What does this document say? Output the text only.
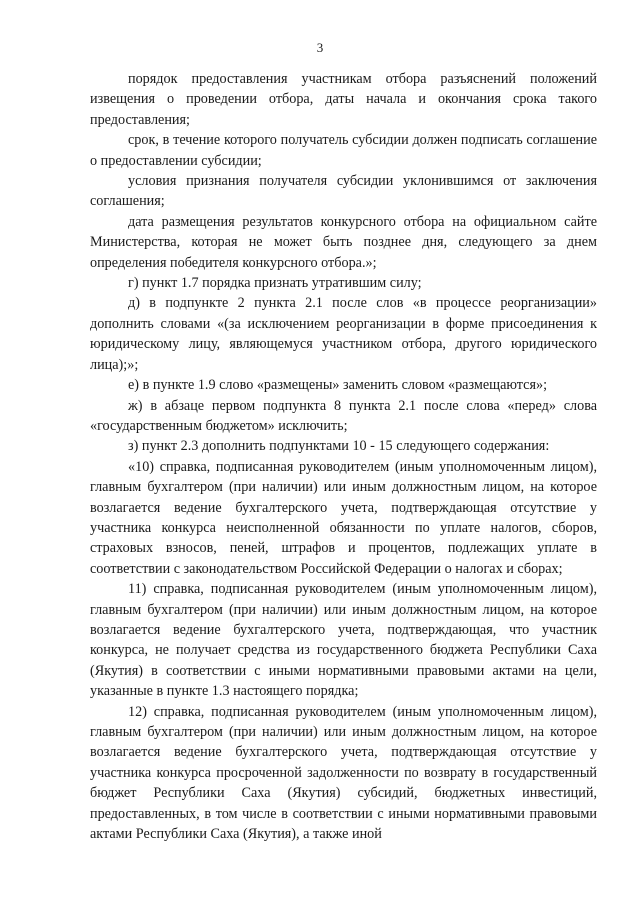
3

порядок предоставления участникам отбора разъяснений положений извещения о проведении отбора, даты начала и окончания срока такого предоставления;

срок, в течение которого получатель субсидии должен подписать соглашение о предоставлении субсидии;

условия признания получателя субсидии уклонившимся от заключения соглашения;

дата размещения результатов конкурсного отбора на официальном сайте Министерства, которая не может быть позднее дня, следующего за днем определения победителя конкурсного отбора.»;

г) пункт 1.7 порядка признать утратившим силу;

д) в подпункте 2 пункта 2.1 после слов «в процессе реорганизации» дополнить словами «(за исключением реорганизации в форме присоединения к юридическому лицу, являющемуся участником отбора, другого юридического лица);»;

е) в пункте 1.9 слово «размещены» заменить словом «размещаются»;

ж) в абзаце первом подпункта 8 пункта 2.1 после слова «перед» слова «государственным бюджетом» исключить;

з) пункт 2.3 дополнить подпунктами 10 - 15 следующего содержания:

«10) справка, подписанная руководителем (иным уполномоченным лицом), главным бухгалтером (при наличии) или иным должностным лицом, на которое возлагается ведение бухгалтерского учета, подтверждающая отсутствие у участника конкурса неисполненной обязанности по уплате налогов, сборов, страховых взносов, пеней, штрафов и процентов, подлежащих уплате в соответствии с законодательством Российской Федерации о налогах и сборах;

11) справка, подписанная руководителем (иным уполномоченным лицом), главным бухгалтером (при наличии) или иным должностным лицом, на которое возлагается ведение бухгалтерского учета, подтверждающая, что участник конкурса, не получает средства из государственного бюджета Республики Саха (Якутия) в соответствии с иными нормативными правовыми актами на цели, указанные в пункте 1.3 настоящего порядка;

12) справка, подписанная руководителем (иным уполномоченным лицом), главным бухгалтером (при наличии) или иным должностным лицом, на которое возлагается ведение бухгалтерского учета, подтверждающая отсутствие у участника конкурса просроченной задолженности по возврату в государственный бюджет Республики Саха (Якутия) субсидий, бюджетных инвестиций, предоставленных, в том числе в соответствии с иными нормативными правовыми актами Республики Саха (Якутия), а также иной
